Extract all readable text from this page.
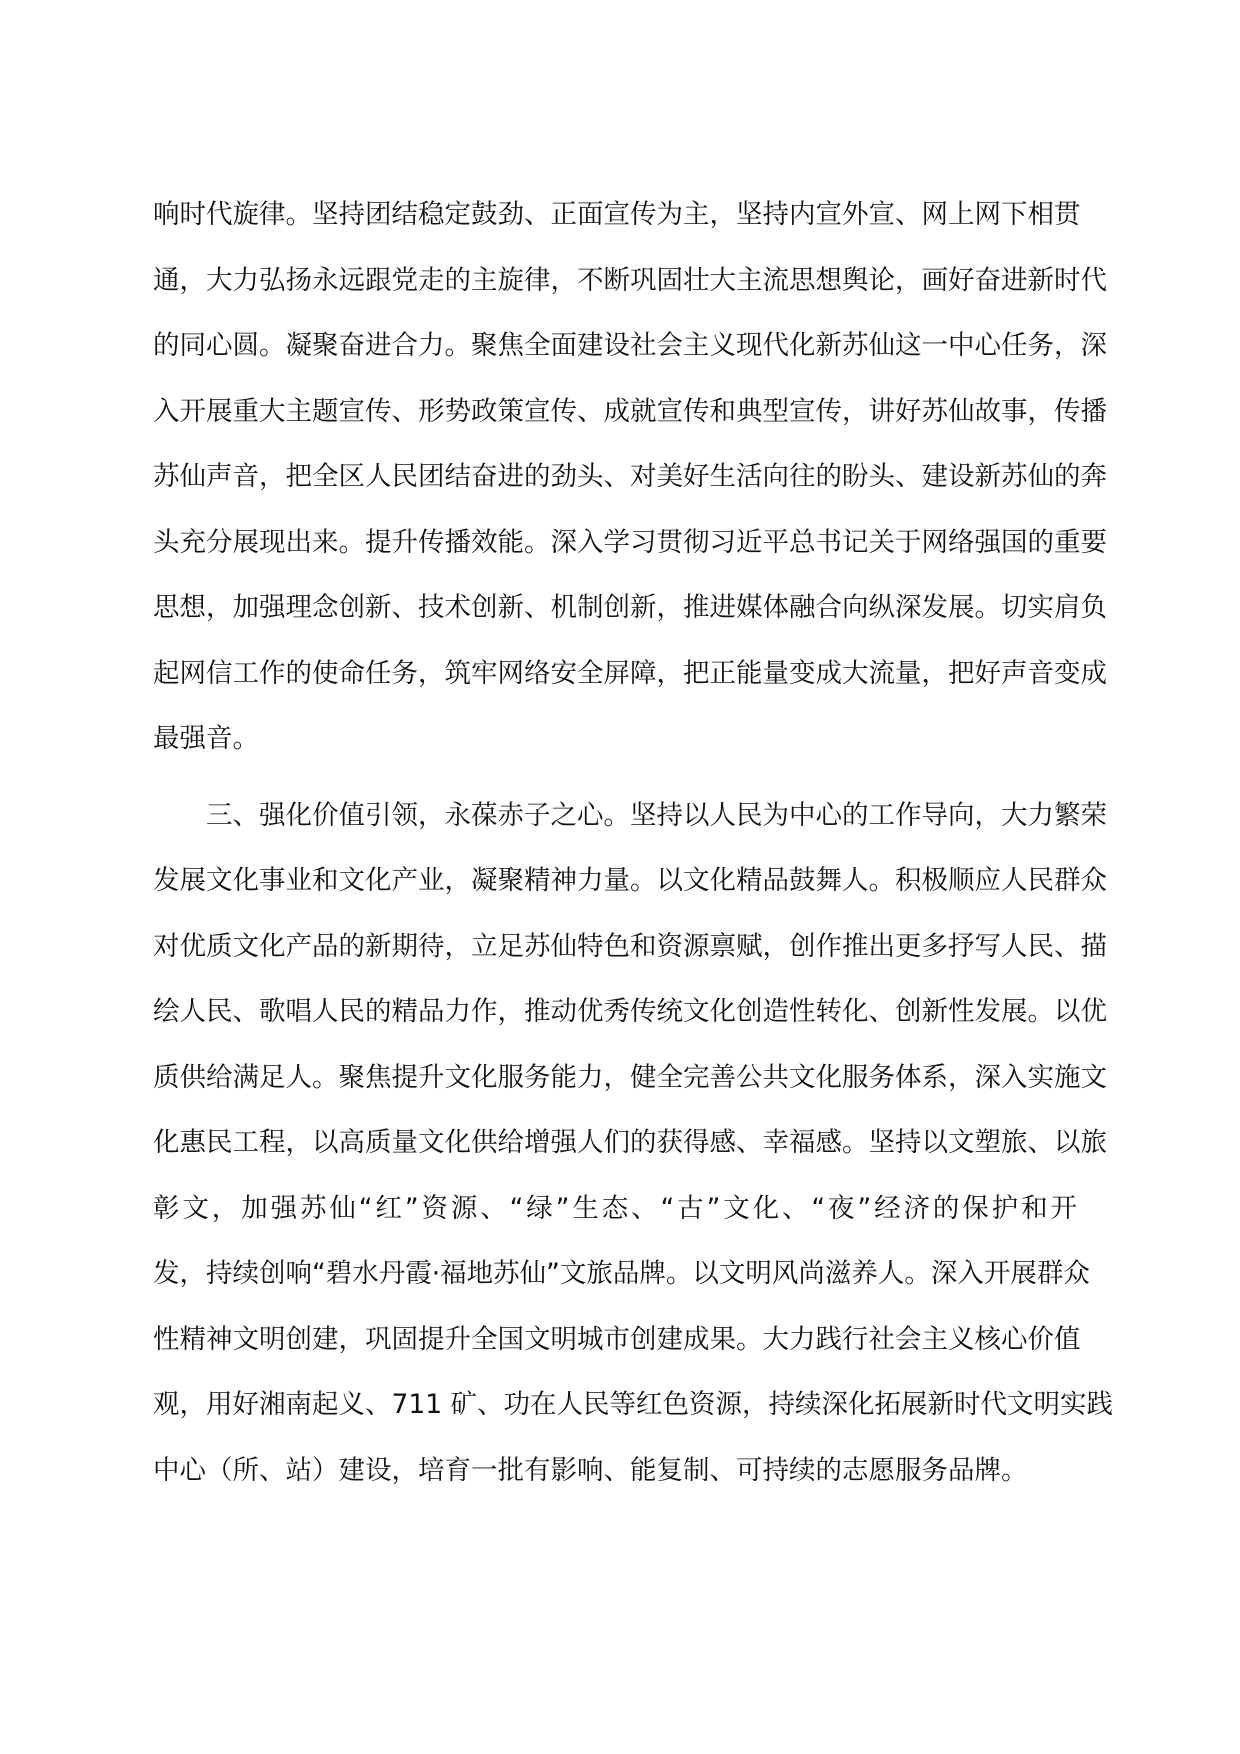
响时代旋律。坚持团结稳定鼓劲、正面宣传为主，坚持内宣外宣、网上网下相贯
通，大力弘扬永远跟党走的主旋律，不断巩固壮大主流思想舆论，画好奋进新时代
的同心圆。凝聚奋进合力。聚焦全面建设社会主义现代化新苏仙这一中心任务，深
入开展重大主题宣传、形势政策宣传、成就宣传和典型宣传，讲好苏仙故事，传播
苏仙声音，把全区人民团结奋进的劲头、对美好生活向往的盼头、建设新苏仙的奔
头充分展现出来。提升传播效能。深入学习贯彻习近平总书记关于网络强国的重要
思想，加强理念创新、技术创新、机制创新，推进媒体融合向纵深发展。切实肩负
起网信工作的使命任务，筑牢网络安全屏障，把正能量变成大流量，把好声音变成
最强音。
三、强化价值引领，永葆赤子之心。坚持以人民为中心的工作导向，大力繁荣
发展文化事业和文化产业，凝聚精神力量。以文化精品鼓舞人。积极顺应人民群众
对优质文化产品的新期待，立足苏仙特色和资源禀赋，创作推出更多抒写人民、描
绘人民、歌唱人民的精品力作，推动优秀传统文化创造性转化、创新性发展。以优
质供给满足人。聚焦提升文化服务能力，健全完善公共文化服务体系，深入实施文
化惠民工程，以高质量文化供给增强人们的获得感、幸福感。坚持以文塑旅、以旅
彰文，加强苏仙“红”资源、“绿”生态、“古”文化、“夜”经济的保护和开
发，持续创响“碧水丹霞·福地苏仙”文旅品牌。以文明风尚滋养人。深入开展群众
性精神文明创建，巩固提升全国文明城市创建成果。大力践行社会主义核心价值
观，用好湘南起义、711 矿、功在人民等红色资源，持续深化拓展新时代文明实践
中心（所、站）建设，培育一批有影响、能复制、可持续的志愿服务品牌。
